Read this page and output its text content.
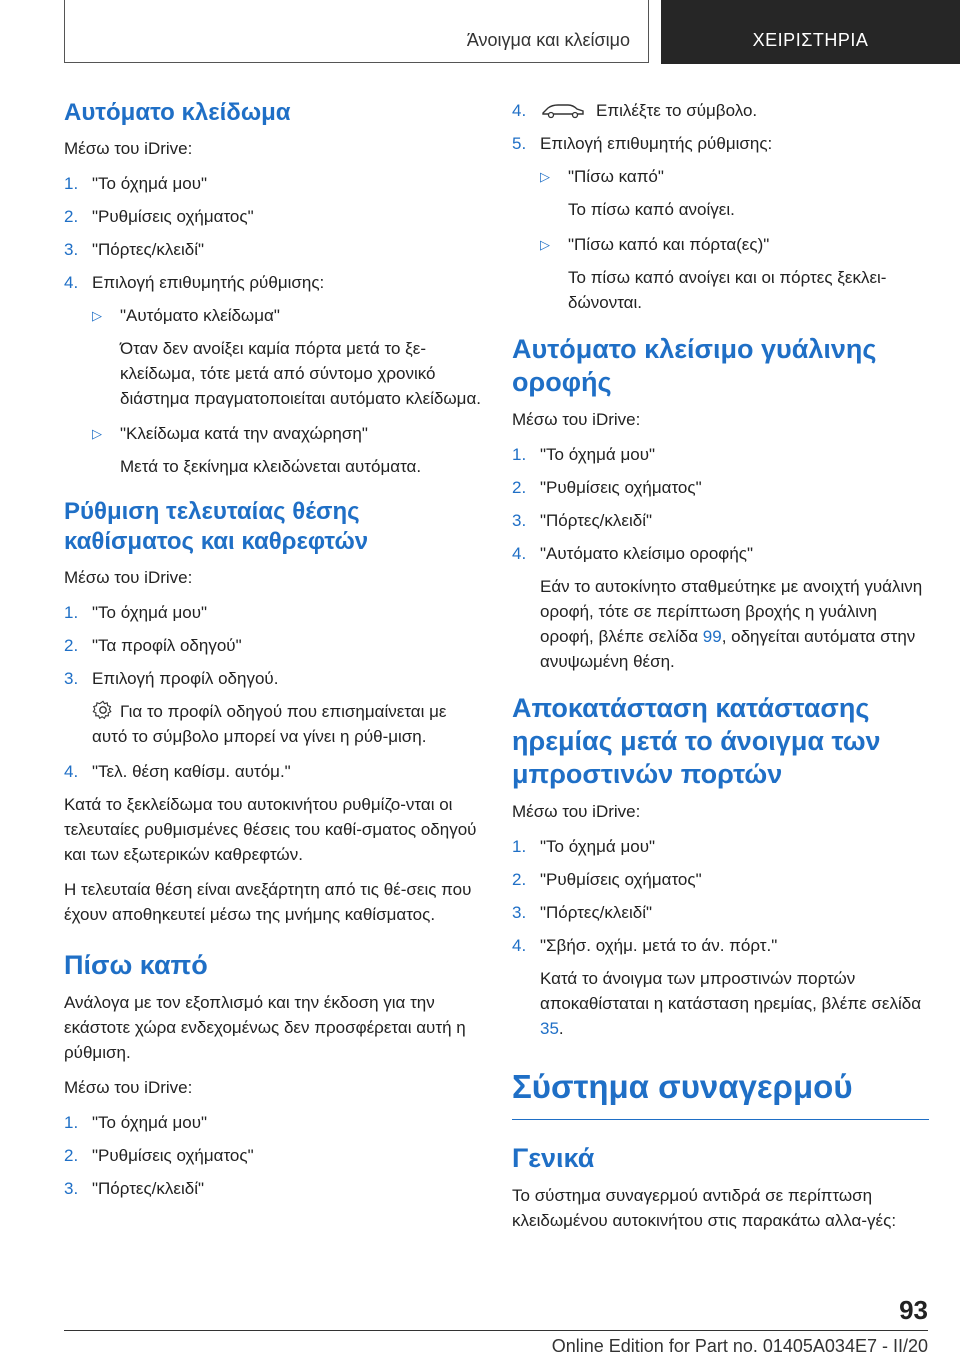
Άνοιγμα και κλείσιμο	ΧΕΙΡΙΣΤΗΡΙΑ
Αυτόματο κλείδωμα

Μέσω του iDrive:

1. "Το όχημά μου"
2. "Ρυθμίσεις οχήματος"
3. "Πόρτες/κλειδί"
4. Επιλογή επιθυμητής ρύθμισης:
▷ "Αυτόματο κλείδωμα"

Όταν δεν ανοίξει καμία πόρτα μετά το ξε-κλείδωμα, τότε μετά από σύντομο χρονικό διάστημα πραγματοποιείται αυτόματο κλείδωμα.

▷ "Κλείδωμα κατά την αναχώρηση"

Μετά το ξεκίνημα κλειδώνεται αυτόματα.

Ρύθμιση τελευταίας θέσης καθίσματος και καθρεφτών

Μέσω του iDrive:

1. "Το όχημά μου"
2. "Τα προφίλ οδηγού"
3. Επιλογή προφίλ οδηγού.

Για το προφίλ οδηγού που επισημαίνεται με αυτό το σύμβολο μπορεί να γίνει η ρύθ-μιση.

4. "Τελ. θέση καθίσμ. αυτόμ."

Κατά το ξεκλείδωμα του αυτοκινήτου ρυθμίζο-νται οι τελευταίες ρυθμισμένες θέσεις του καθί-σματος οδηγού και των εξωτερικών καθρεφτών.

Η τελευταία θέση είναι ανεξάρτητη από τις θέ-σεις που έχουν αποθηκευτεί μέσω της μνήμης καθίσματος.

Πίσω καπό

Ανάλογα με τον εξοπλισμό και την έκδοση για την εκάστοτε χώρα ενδεχομένως δεν προσφέρεται αυτή η ρύθμιση.

Μέσω του iDrive:

1. "Το όχημά μου"
2. "Ρυθμίσεις οχήματος"
3. "Πόρτες/κλειδί"
4.	Επιλέξτε το σύμβολο.
5. Επιλογή επιθυμητής ρύθμισης:
▷ "Πίσω καπό"

Το πίσω καπό ανοίγει.

▷ "Πίσω καπό και πόρτα(ες)"

Το πίσω καπό ανοίγει και οι πόρτες ξεκλει-δώνονται.

Αυτόματο κλείσιμο γυάλινης οροφής

Μέσω του iDrive:

1. "Το όχημά μου"
2. "Ρυθμίσεις οχήματος"
3. "Πόρτες/κλειδί"
4. "Αυτόματο κλείσιμο οροφής"

Εάν το αυτοκίνητο σταθμεύτηκε με ανοιχτή γυάλινη οροφή, τότε σε περίπτωση βροχής η γυάλινη οροφή, βλέπε σελίδα 99, οδηγείται αυτόματα στην ανυψωμένη θέση.

Αποκατάσταση κατάστασης ηρεμίας μετά το άνοιγμα των μπροστινών πορτών

Μέσω του iDrive:

1. "Το όχημά μου"
2. "Ρυθμίσεις οχήματος"
3. "Πόρτες/κλειδί"
4. "Σβήσ. οχήμ. μετά το άν. πόρτ."

Κατά το άνοιγμα των μπροστινών πορτών αποκαθίσταται η κατάσταση ηρεμίας, βλέπε σελίδα 35.

Σύστημα συναγερμού
Γενικά

Το σύστημα συναγερμού αντιδρά σε περίπτωση κλειδωμένου αυτοκινήτου στις παρακάτω αλλα-γές:

93
Online Edition for Part no. 01405A034E7 - II/20
